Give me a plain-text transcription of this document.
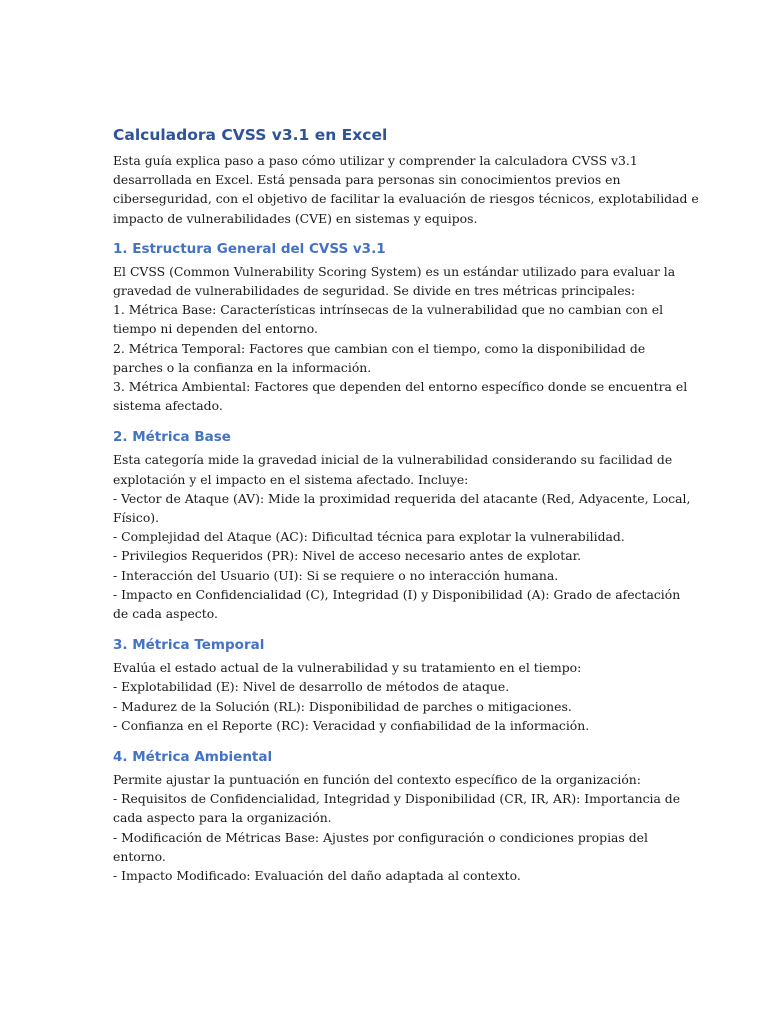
Calculadora CVSS v3.1 en Excel

Esta guía explica paso a paso cómo utilizar y comprender la calculadora CVSS v3.1
desarrollada en Excel. Está pensada para personas sin conocimientos previos en
ciberseguridad, con el objetivo de facilitar la evaluación de riesgos técnicos, explotabilidad e
impacto de vulnerabilidades (CVE) en sistemas y equipos.

1. Estructura General del CVSS v3.1

El CVSS (Common Vulnerability Scoring System) es un estándar utilizado para evaluar la
gravedad de vulnerabilidades de seguridad. Se divide en tres métricas principales:
1. Métrica Base: Características intrínsecas de la vulnerabilidad que no cambian con el
tiempo ni dependen del entorno.
2. Métrica Temporal: Factores que cambian con el tiempo, como la disponibilidad de
parches o la confianza en la información.
3. Métrica Ambiental: Factores que dependen del entorno específico donde se encuentra el
sistema afectado.

2. Métrica Base

Esta categoría mide la gravedad inicial de la vulnerabilidad considerando su facilidad de
explotación y el impacto en el sistema afectado. Incluye:
- Vector de Ataque (AV): Mide la proximidad requerida del atacante (Red, Adyacente, Local,
Físico).
- Complejidad del Ataque (AC): Dificultad técnica para explotar la vulnerabilidad.
- Privilegios Requeridos (PR): Nivel de acceso necesario antes de explotar.
- Interacción del Usuario (UI): Si se requiere o no interacción humana.
- Impacto en Confidencialidad (C), Integridad (I) y Disponibilidad (A): Grado de afectación
de cada aspecto.

3. Métrica Temporal

Evalúa el estado actual de la vulnerabilidad y su tratamiento en el tiempo:
- Explotabilidad (E): Nivel de desarrollo de métodos de ataque.
- Madurez de la Solución (RL): Disponibilidad de parches o mitigaciones.
- Confianza en el Reporte (RC): Veracidad y confiabilidad de la información.

4. Métrica Ambiental

Permite ajustar la puntuación en función del contexto específico de la organización:
- Requisitos de Confidencialidad, Integridad y Disponibilidad (CR, IR, AR): Importancia de
cada aspecto para la organización.
- Modificación de Métricas Base: Ajustes por configuración o condiciones propias del
entorno.
- Impacto Modificado: Evaluación del daño adaptada al contexto.
